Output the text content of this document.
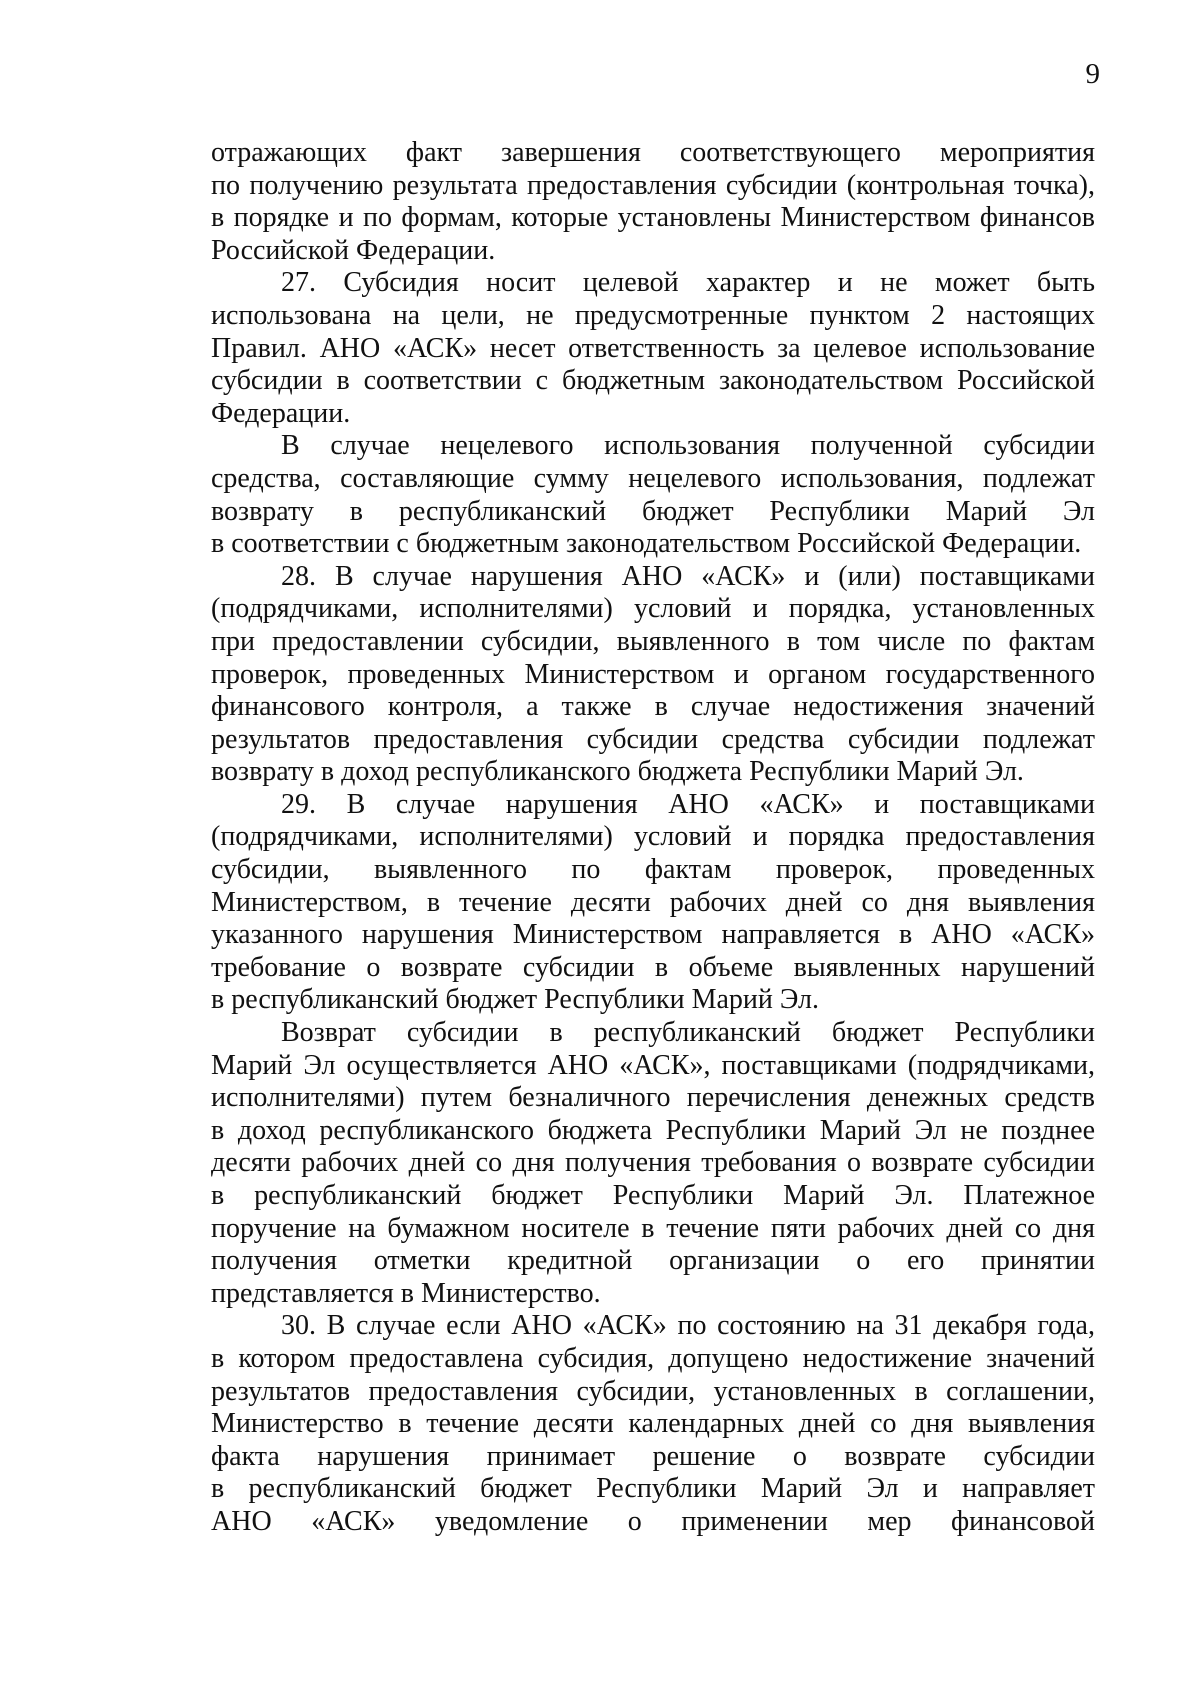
9
отражающих факт завершения соответствующего мероприятия
по получению результата предоставления субсидии (контрольная точка),
в порядке и по формам, которые установлены Министерством финансов
Российской Федерации.
27. Субсидия носит целевой характер и не может быть
использована на цели, не предусмотренные пунктом 2 настоящих
Правил. АНО «АСК» несет ответственность за целевое использование
субсидии в соответствии с бюджетным законодательством Российской
Федерации.
В случае нецелевого использования полученной субсидии
средства, составляющие сумму нецелевого использования, подлежат
возврату в республиканский бюджет Республики Марий Эл
в соответствии с бюджетным законодательством Российской Федерации.
28. В случае нарушения АНО «АСК» и (или) поставщиками
(подрядчиками, исполнителями) условий и порядка, установленных
при предоставлении субсидии, выявленного в том числе по фактам
проверок, проведенных Министерством и органом государственного
финансового контроля, а также в случае недостижения значений
результатов предоставления субсидии средства субсидии подлежат
возврату в доход республиканского бюджета Республики Марий Эл.
29. В случае нарушения АНО «АСК» и поставщиками
(подрядчиками, исполнителями) условий и порядка предоставления
субсидии, выявленного по фактам проверок, проведенных
Министерством, в течение десяти рабочих дней со дня выявления
указанного нарушения Министерством направляется в АНО «АСК»
требование о возврате субсидии в объеме выявленных нарушений
в республиканский бюджет Республики Марий Эл.
Возврат субсидии в республиканский бюджет Республики
Марий Эл осуществляется АНО «АСК», поставщиками (подрядчиками,
исполнителями) путем безналичного перечисления денежных средств
в доход республиканского бюджета Республики Марий Эл не позднее
десяти рабочих дней со дня получения требования о возврате субсидии
в республиканский бюджет Республики Марий Эл. Платежное
поручение на бумажном носителе в течение пяти рабочих дней со дня
получения отметки кредитной организации о его принятии
представляется в Министерство.
30. В случае если АНО «АСК» по состоянию на 31 декабря года,
в котором предоставлена субсидия, допущено недостижение значений
результатов предоставления субсидии, установленных в соглашении,
Министерство в течение десяти календарных дней со дня выявления
факта нарушения принимает решение о возврате субсидии
в республиканский бюджет Республики Марий Эл и направляет
АНО «АСК» уведомление о применении мер финансовой
